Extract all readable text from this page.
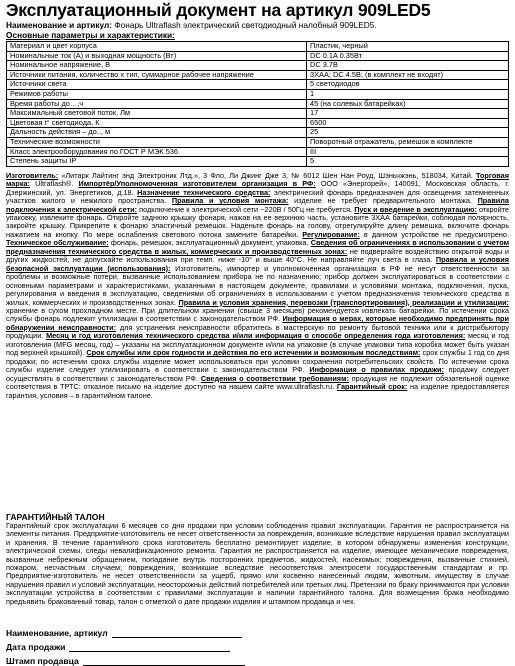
Эксплуатационный документ на артикул 909LED5
Наименование и артикул: Фонарь Ultraflash электрический светодиодный налобный 909LED5.
Основные параметры и характеристики:
Материал и цвет корпуса	Пластик, черный
Номинальные ток (А) и выходная мощность (Вт)	DC 0.1A 0.35Вт
Номинальное напряжение, В	DC 3.7В
Источники питания, количество x тип, суммарное рабочее напряжение	3ХАА; DC 4.5В; (в комплект не входят)
Источники света	5 светодиодов
Режимов работы	1
Время работы до…,ч	45 (на солевых батарейках)
Максимальный световой поток, Лм	17
Цветовая t° светодиода, К	6500
Дальность действия – до.., м	25
Технические возможности	Поворотный отражатель, ремешок в комплекте
Класс электрооборудования по ГОСТ Р МЭК 536	III
Степень защиты IP	5
Изготовитель: «Литарк Лайтинг энд Электроник Лтд.», 3 Фло, Ли Джинг Джe 3, № 6012 Шен Нан Роуд, Шэньчжэнь, 518034, Китай. Торговая марка: Ultraflash®. Импортёр/Уполномоченная изготовителем организация в РФ: ООО «Энергорей», 140091, Московская область, г. Дзержинский, ул. Энергетиков, д.18. Назначение технического средства: электрический фонарь предназначен для освещения затемненных участков жилого и нежилого пространства. Правила и условия монтажа: изделие не требует предварительного монтажа. Правила подключения к электрической сети: подключение к электрической сети ~220В / 50Гц не требуется. Пуск и введение в эксплуатацию: откройте упаковку, извлеките фонарь. Откройте заднюю крышку фонаря, нажав на ее верхнюю часть, установите 3ХАА батарейки, соблюдая полярность, закройте крышку. Прикрепите к фонарю эластичный ремешок. Наденьте фонарь на голову, отрегулируйте длину ремешка, включите фонарь нажатием на кнопку. По мере ослабления светового потока замените батарейки. Регулирование: в данном устройстве не предусмотрено. Техническое обслуживание: фонарь, ремешок, эксплуатационный документ, упаковка. Сведения об ограничениях в использовании с учетом предназначения технического средства в жилых, коммерческих и производственных зонах: не подвергайте воздействию открытой воды и других жидкостей, не допускайте использования при темп. ниже -10° и выше 40°С. Не направляйте луч света в глаза. Правила и условия безопасной эксплуатации (использования): Изготовитель, импортер и уполномоченная организация в РФ не несут ответственности за проблемы и возможные потери, вызванные использованием прибора не по назначению; прибор должен эксплуатироваться в соответствии с основными параметрами и характеристиками, указанными в настоящем документе, правилами и условиями монтажа, подключения, пуска, регулирования и введения в эксплуатацию, сведениями об ограничениях в использовании с учетом предназначения технического средства в жилых, коммерческих и производственных зонах. Правила и условия хранения, перевозки (транспортирования), реализации и утилизации: хранение в сухом прохладном месте. При длительном хранении (свыше 3 месяцев) рекомендуется извлекать батарейки. По истечении срока службы фонарь подлежит утилизации в соответствии с законодательством РФ. Информация о мерах, которые необходимо предпринять при обнаружении неисправности: для устранения неисправности обратитесь в мастерскую по ремонту бытовой техники или к дистрибьютору продукции. Месяц и год изготовления технического средства и/или информация о способе определения года изготовления: месяц и год изготовления (MFG месяц, год) – указаны на эксплуатационном документе и/или на упаковке (в случае упаковки типа коробка может быть указан под верхней крышкой). Срок службы или срок годности и действия по его истечении и возможным последствиям: срок службы 1 год со дня продажи; по истечении срока службы изделие может использоваться при условии сохранения потребительских свойств. По истечении срока службы изделие следует утилизировать в соответствии с законодательством РФ. Информация о правилах продажи: продажу следует осуществлять в соответствии с законодательством РФ. Сведения о соответствии требованиям: продукция не подлежит обязательной оценке соответствия в ТРТС: отказное письмо на изделие доступно на нашем сайте www.ultraflash.ru. Гарантийный срок: на изделие предоставляется гарантия, условия – в гарантийном талоне.
ГАРАНТИЙНЫЙ ТАЛОН
Гарантийный срок эксплуатации 6 месяцев со дня продажи при условии соблюдения правил эксплуатации. Гарантия не распространяется на элементы питания. Предприятие-изготовитель не несет ответственности за повреждения, возникшие вследствие нарушения правил эксплуатации и хранения. В течение гарантийного срока изготовитель бесплатно ремонтирует изделие, в котором обнаружены изменения конструкции, электрической схемы, следы невалификационного ремонта. Гарантия не распространяется на изделие, имеющее механические повреждения, вызванные небрежным обращением, попадание внутрь посторонних предметов, жидкостей, насекомых; повреждения, вызванные стихией, пожаром, несчастным случаем; повреждения, возникшие вследствие несоответствия электросети государственным стандартам и пр. Предприятие-изготовитель не несет ответственности за ущерб, прямо или косвенно нанесенный людям, животным, имуществу в случае нарушения правил и условий эксплуатации, неосторожных действий потребителей или третьих лиц. Претензии по браку принимаются при условии эксплуатации устройства в соответствии с правилами эксплуатации и наличии гарантийного талона. Для возмещения брака необходимо предъявить бракованный товар, талон с отметкой о дате продажи изделия и штампом продавца и чек.
Наименование, артикул
Дата продажи
Штамп продавца
